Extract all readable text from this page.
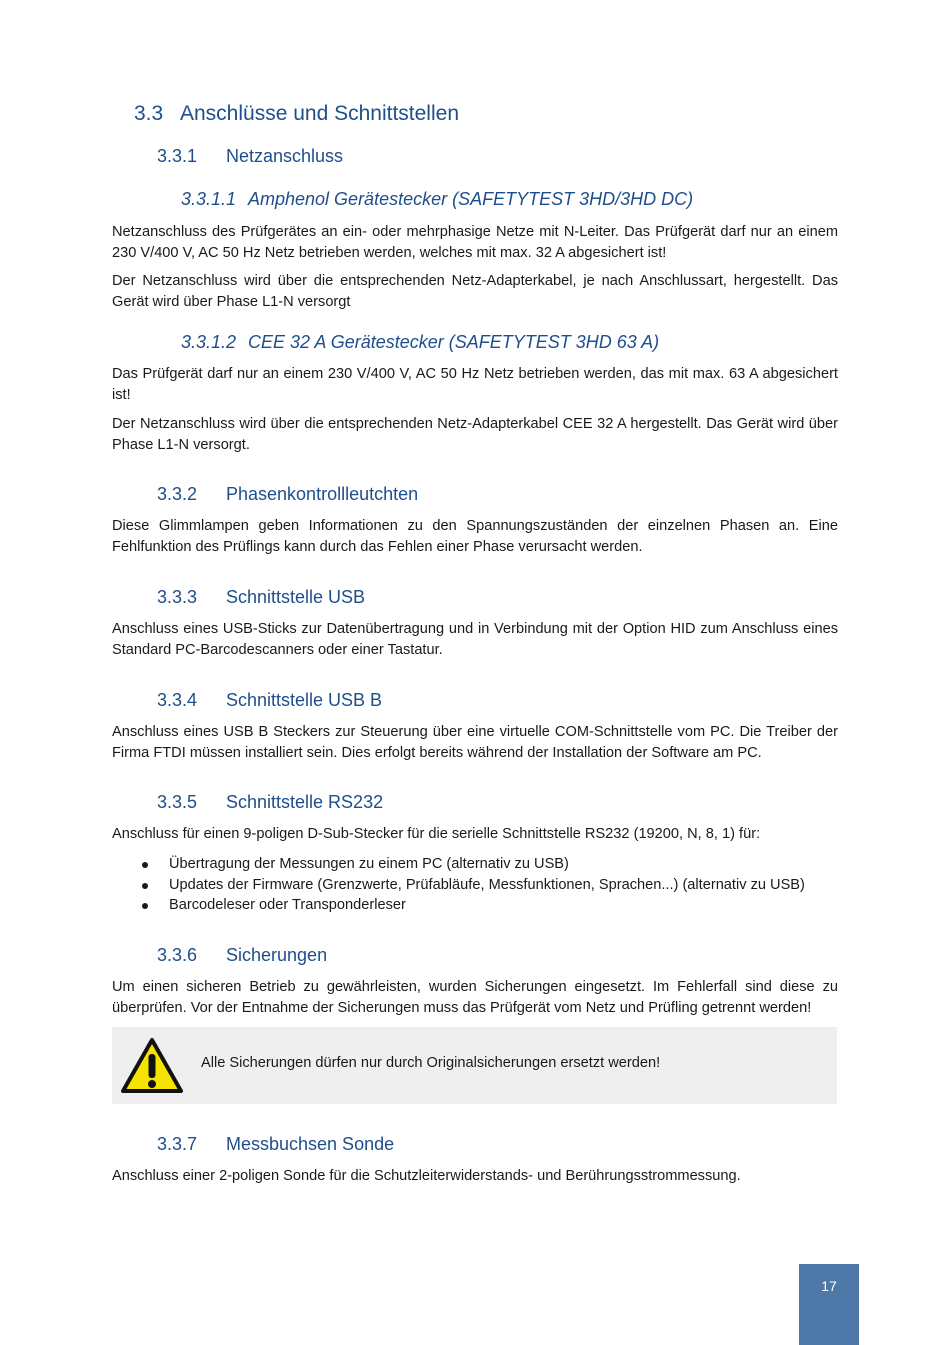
3.3 Anschlüsse und Schnittstellen
3.3.1 Netzanschluss
3.3.1.1 Amphenol Gerätestecker (SAFETYTEST 3HD/3HD DC)

Netzanschluss des Prüfgerätes an ein- oder mehrphasige Netze mit N-Leiter. Das Prüfgerät darf nur an einem 230 V/400 V, AC 50 Hz Netz betrieben werden, welches mit max. 32 A abgesichert ist!

Der Netzanschluss wird über die entsprechenden Netz-Adapterkabel, je nach Anschlussart, hergestellt. Das Gerät wird über Phase L1-N versorgt

3.3.1.2 CEE 32 A Gerätestecker (SAFETYTEST 3HD 63 A)

Das Prüfgerät darf nur an einem 230 V/400 V, AC 50 Hz Netz betrieben werden, das mit max. 63 A abgesichert ist!

Der Netzanschluss wird über die entsprechenden Netz-Adapterkabel CEE 32 A hergestellt. Das Gerät wird über Phase L1-N versorgt.

3.3.2 Phasenkontrollleutchten

Diese Glimmlampen geben Informationen zu den Spannungszuständen der einzelnen Phasen an. Eine Fehlfunktion des Prüflings kann durch das Fehlen einer Phase verursacht werden.

3.3.3 Schnittstelle USB

Anschluss eines USB-Sticks zur Datenübertragung und in Verbindung mit der Option HID zum Anschluss eines Standard PC-Barcodescanners oder einer Tastatur.

3.3.4 Schnittstelle USB B

Anschluss eines USB B Steckers zur Steuerung über eine virtuelle COM-Schnittstelle vom PC. Die Treiber der Firma FTDI müssen installiert sein. Dies erfolgt bereits während der Installation der Software am PC.

3.3.5 Schnittstelle RS232

Anschluss für einen 9-poligen D-Sub-Stecker für die serielle Schnittstelle RS232 (19200, N, 8, 1) für:

Übertragung der Messungen zu einem PC (alternativ zu USB)
Updates der Firmware (Grenzwerte, Prüfabläufe, Messfunktionen, Sprachen...) (alternativ zu USB)
Barcodeleser oder Transponderleser
3.3.6 Sicherungen

Um einen sicheren Betrieb zu gewährleisten, wurden Sicherungen eingesetzt. Im Fehlerfall sind diese zu überprüfen. Vor der Entnahme der Sicherungen muss das Prüfgerät vom Netz und Prüfling getrennt werden!

Alle Sicherungen dürfen nur durch Originalsicherungen ersetzt werden!
3.3.7 Messbuchsen Sonde

Anschluss einer 2-poligen Sonde für die Schutzleiterwiderstands- und Berührungsstrommessung.

17
